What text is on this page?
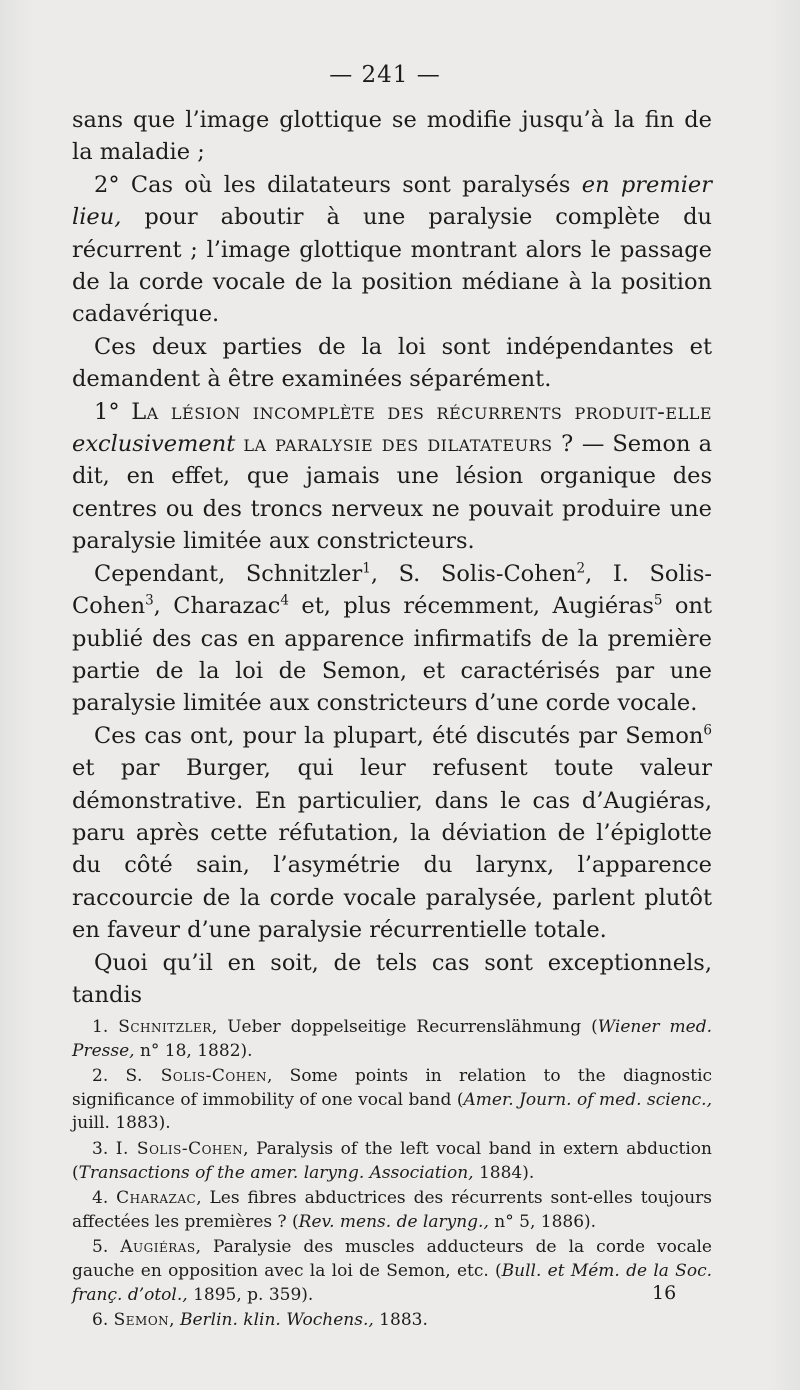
— 241 —

sans que l’image glottique se modifie jusqu’à la fin de la maladie ;

2° Cas où les dilatateurs sont paralysés en premier lieu, pour aboutir à une paralysie complète du récurrent ; l’image glottique montrant alors le passage de la corde vocale de la position médiane à la position cadavérique.

Ces deux parties de la loi sont indépendantes et demandent à être examinées séparément.

1° La lésion incomplète des récurrents produit-elle exclusivement la paralysie des dilatateurs ? — Semon a dit, en effet, que jamais une lésion organique des centres ou des troncs nerveux ne pouvait produire une paralysie limitée aux constricteurs.

Cependant, Schnitzler$^1$, S. Solis-Cohen$^2$, I. Solis-Cohen$^3$, Charazac$^4$ et, plus récemment, Augiéras$^5$ ont publié des cas en apparence infirmatifs de la première partie de la loi de Semon, et caractérisés par une paralysie limitée aux constricteurs d’une corde vocale.

Ces cas ont, pour la plupart, été discutés par Semon$^6$ et par Burger, qui leur refusent toute valeur démonstrative. En particulier, dans le cas d’Augiéras, paru après cette réfutation, la déviation de l’épiglotte du côté sain, l’asymétrie du larynx, l’apparence raccourcie de la corde vocale paralysée, parlent plutôt en faveur d’une paralysie récurrentielle totale.

Quoi qu’il en soit, de tels cas sont exceptionnels, tandis

1. Schnitzler, Ueber doppelseitige Recurrenslähmung (Wiener med. Presse, n° 18, 1882).

2. S. Solis-Cohen, Some points in relation to the diagnostic significance of immobility of one vocal band (Amer. Journ. of med. scienc., juill. 1883).

3. I. Solis-Cohen, Paralysis of the left vocal band in extern abduction (Transactions of the amer. laryng. Association, 1884).

4. Charazac, Les fibres abductrices des récurrents sont-elles toujours affectées les premières ? (Rev. mens. de laryng., n° 5, 1886).

5. Augiéras, Paralysie des muscles adducteurs de la corde vocale gauche en opposition avec la loi de Semon, etc. (Bull. et Mém. de la Soc. franç. d’otol., 1895, p. 359).

6. Semon, Berlin. klin. Wochens., 1883.

16
